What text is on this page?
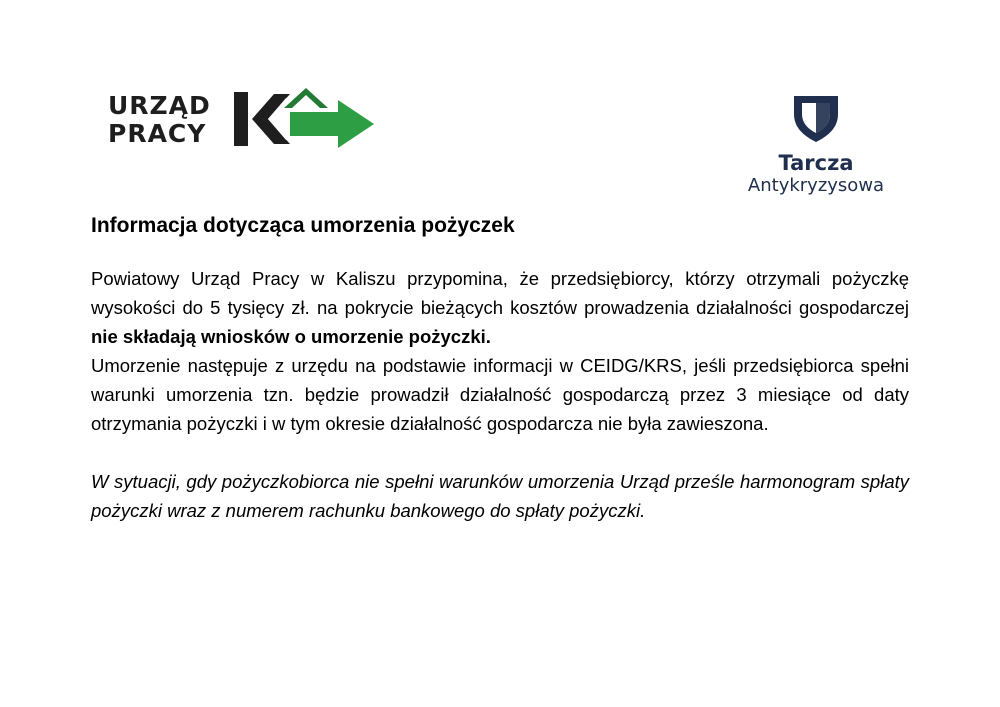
URZĄD
PRACY
Tarcza
Antykryzysowa
Informacja dotycząca umorzenia pożyczek

Powiatowy Urząd Pracy w Kaliszu przypomina, że przedsiębiorcy, którzy otrzymali pożyczkę wysokości do 5 tysięcy zł. na pokrycie bieżących kosztów prowadzenia działalności gospodarczej nie składają wniosków o umorzenie pożyczki.

Umorzenie następuje z urzędu na podstawie informacji w CEIDG/KRS, jeśli przedsiębiorca spełni warunki umorzenia tzn. będzie prowadził działalność gospodarczą przez 3 miesiące od daty otrzymania pożyczki i w tym okresie działalność gospodarcza nie była zawieszona.

W sytuacji, gdy pożyczkobiorca nie spełni warunków umorzenia Urząd prześle harmonogram spłaty pożyczki wraz z numerem rachunku bankowego do spłaty pożyczki.
